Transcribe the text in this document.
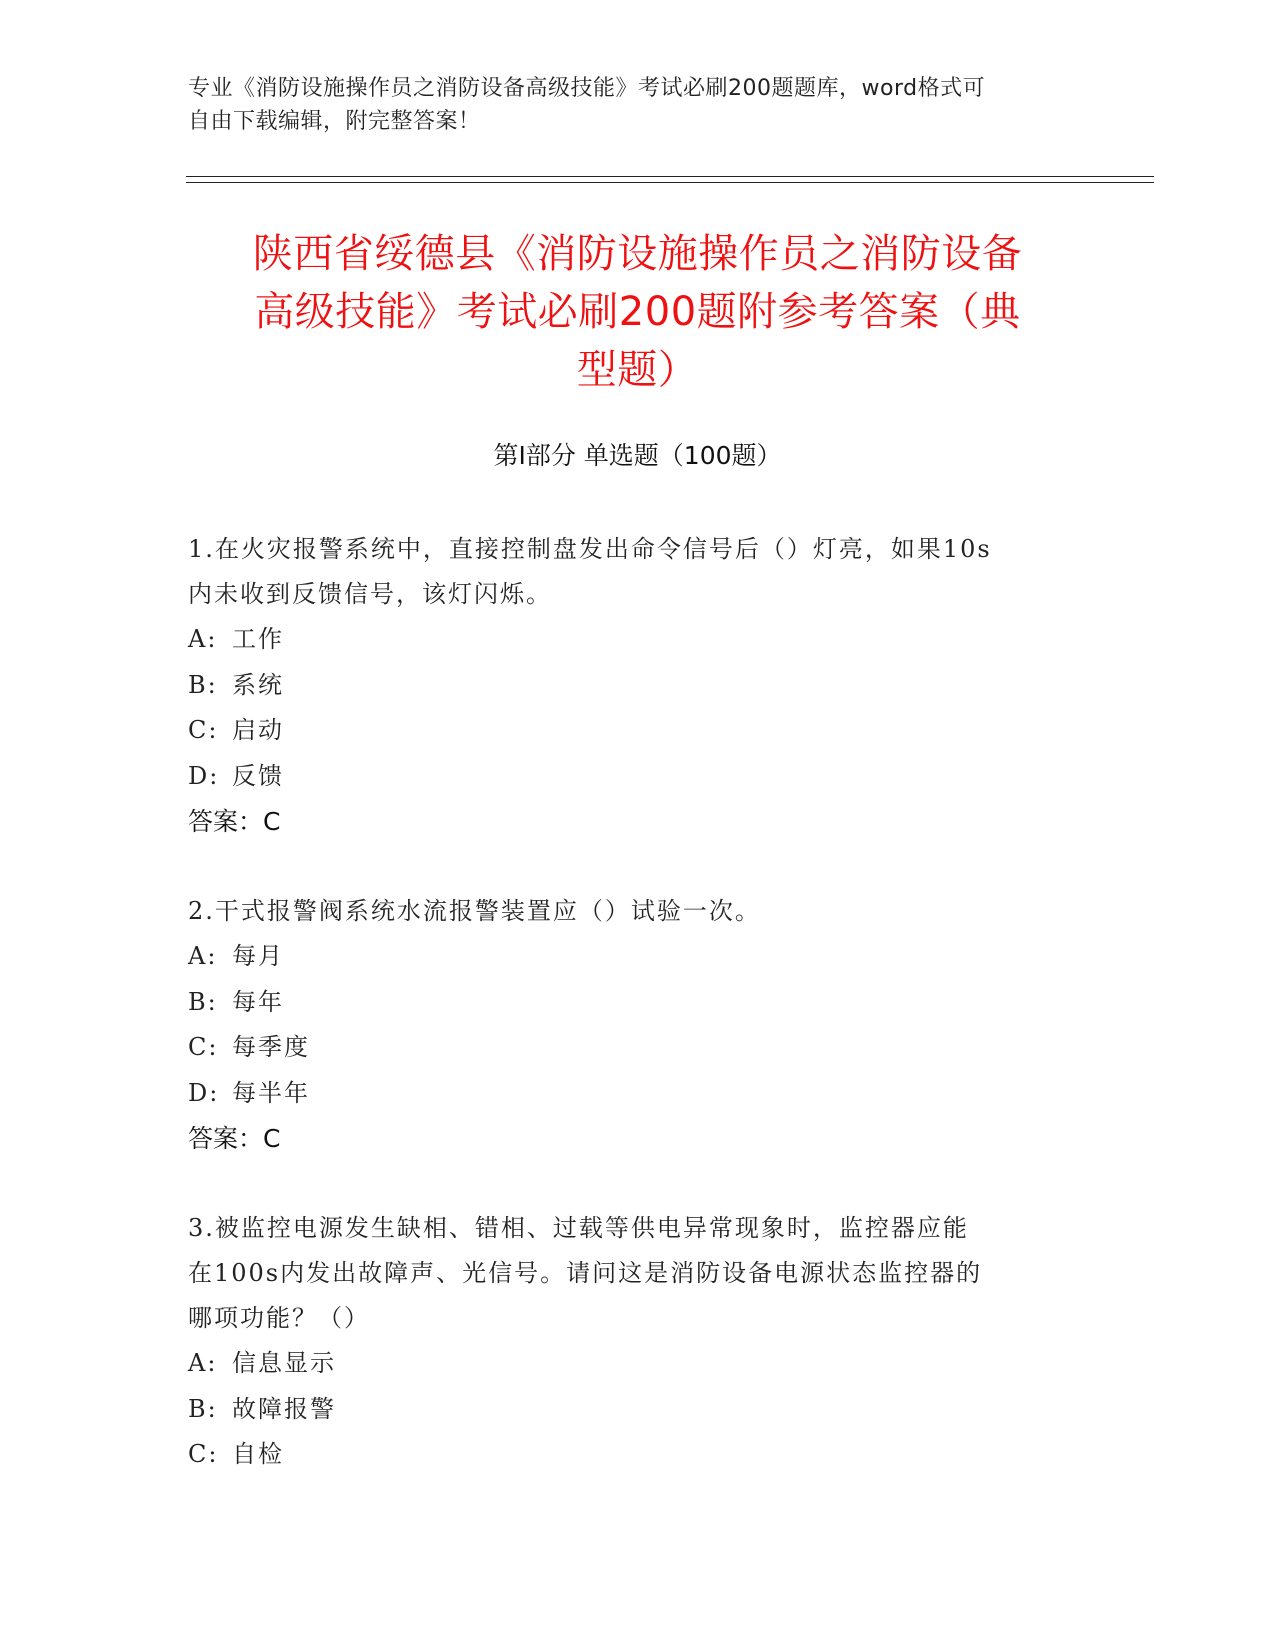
专业《消防设施操作员之消防设备高级技能》考试必刷200题题库，word格式可
自由下载编辑，附完整答案！
陕西省绥德县《消防设施操作员之消防设备
高级技能》考试必刷200题附参考答案（典
型题）
第Ⅰ部分 单选题（100题）
1.在火灾报警系统中，直接控制盘发出命令信号后（）灯亮，如果10s
内未收到反馈信号，该灯闪烁。
A: 工作
B: 系统
C: 启动
D: 反馈
答案：C
2.干式报警阀系统水流报警装置应（）试验一次。
A: 每月
B: 每年
C: 每季度
D: 每半年
答案：C
3.被监控电源发生缺相、错相、过载等供电异常现象时，监控器应能
在100s内发出故障声、光信号。请问这是消防设备电源状态监控器的
哪项功能？（）
A: 信息显示
B: 故障报警
C: 自检
